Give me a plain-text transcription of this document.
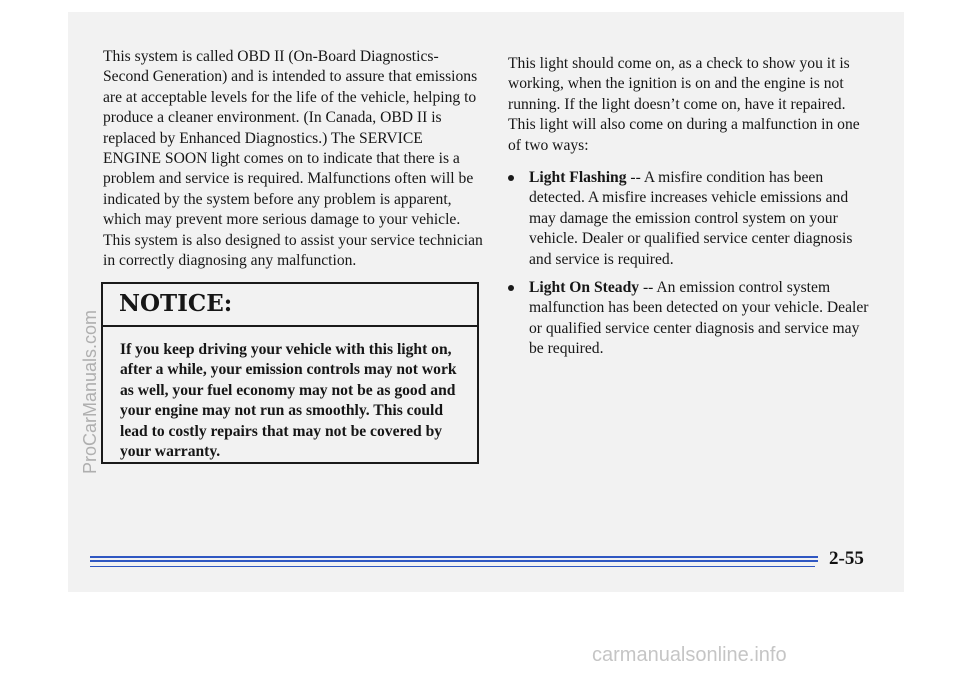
This system is called OBD II (On-Board Diagnostics-Second Generation) and is intended to assure that emissions are at acceptable levels for the life of the vehicle, helping to produce a cleaner environment. (In Canada, OBD II is replaced by Enhanced Diagnostics.) The SERVICE ENGINE SOON light comes on to indicate that there is a problem and service is required. Malfunctions often will be indicated by the system before any problem is apparent, which may prevent more serious damage to your vehicle. This system is also designed to assist your service technician in correctly diagnosing any malfunction.

NOTICE:
If you keep driving your vehicle with this light on, after a while, your emission controls may not work as well, your fuel economy may not be as good and your engine may not run as smoothly. This could lead to costly repairs that may not be covered by your warranty.

This light should come on, as a check to show you it is working, when the ignition is on and the engine is not running. If the light doesn’t come on, have it repaired. This light will also come on during a malfunction in one of two ways:

Light Flashing -- A misfire condition has been detected. A misfire increases vehicle emissions and may damage the emission control system on your vehicle. Dealer or qualified service center diagnosis and service is required.
Light On Steady -- An emission control system malfunction has been detected on your vehicle. Dealer or qualified service center diagnosis and service may be required.
2-55
ProCarManuals.com
carmanualsonline.info
